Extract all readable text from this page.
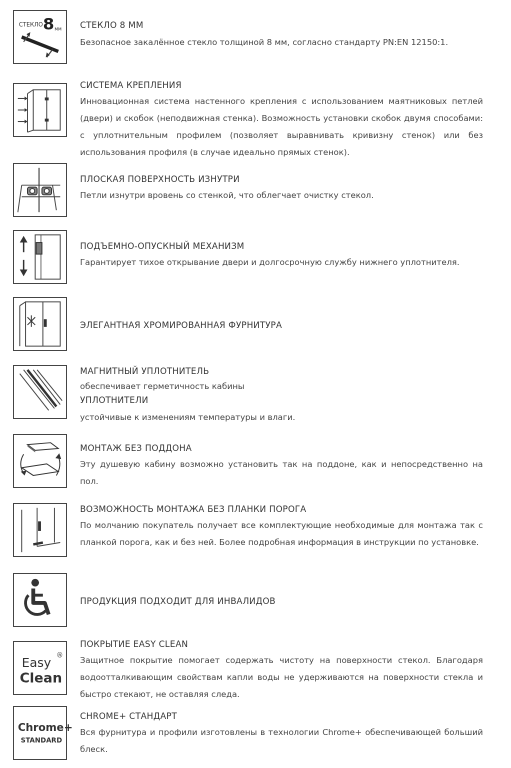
СТЕКЛО 8 мм СТЕКЛО 8 ММ
Безопасное закалённое стекло толщиной 8 мм, согласно стандарту PN:EN 12150:1.
СИСТЕМА КРЕПЛЕНИЯ
Инновационная система настенного крепления с использованием маятниковых петлей (двери) и скобок (неподвижная стенка). Возможность установки скобок двумя способами: с уплотнительным профилем (позволяет выравнивать кривизну стенок) или без использования профиля (в случае идеально прямых стенок).
ПЛОСКАЯ ПОВЕРХНОСТЬ ИЗНУТРИ
Петли изнутри вровень со стенкой, что облегчает очистку стекол.
ПОДЪЕМНО-ОПУСКНЫЙ МЕХАНИЗМ
Гарантирует тихое открывание двери и долгосрочную службу нижнего уплотнителя.
ЭЛЕГАНТНАЯ ХРОМИРОВАННАЯ ФУРНИТУРА
МАГНИТНЫЙ УПЛОТНИТЕЛЬ
обеспечивает герметичность кабины
УПЛОТНИТЕЛИ
устойчивые к изменениям температуры и влаги.
МОНТАЖ БЕЗ ПОДДОНА
Эту душевую кабину возможно установить так на поддоне, как и непосредственно на пол.
ВОЗМОЖНОСТЬ МОНТАЖА БЕЗ ПЛАНКИ ПОРОГА
По молчанию покупатель получает все комплектующие необходимые для монтажа так с планкой порога, как и без ней. Более подробная информация в инструкции по установке.
ПРОДУКЦИЯ ПОДХОДИТ ДЛЯ ИНВАЛИДОВ
Easy
Clean
®
ПОКРЫТИЕ EASY CLEAN
Защитное покрытие помогает содержать чистоту на поверхности стекол. Благодаря водоотталкивающим свойствам капли воды не удерживаются на поверхности стекла и быстро стекают, не оставляя следа.
Chrome+
STANDARD
CHROME+ СТАНДАРТ
Вся фурнитура и профили изготовлены в технологии Chrome+ обеспечивающей больший блеск.
